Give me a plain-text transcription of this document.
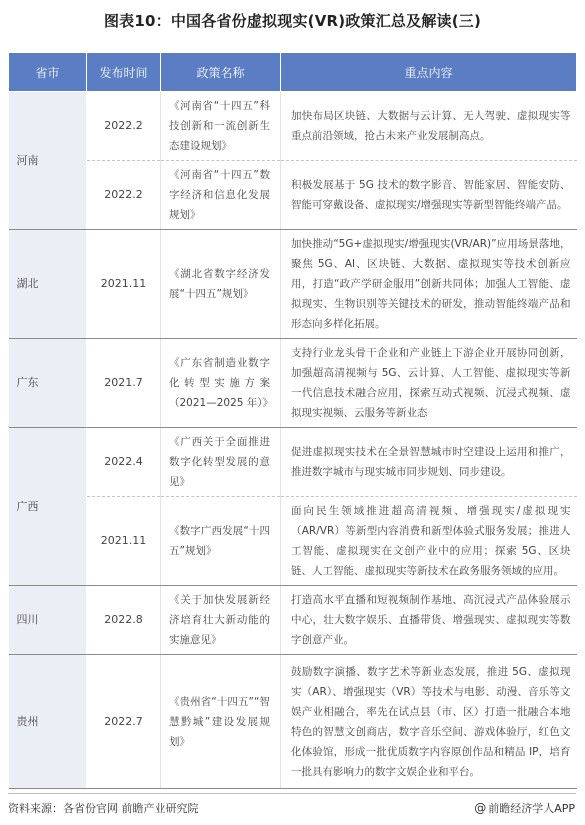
图表10：中国各省份虚拟现实(VR)政策汇总及解读(三)
省市	发布时间	政策名称	重点内容
河南	2022.2	《河南省“十四五”科技创新和一流创新生态建设规划》	加快布局区块链、大数据与云计算、无人驾驶、虚拟现实等重点前沿领域，抢占未来产业发展制高点。
	2022.2	《河南省“十四五”数字经济和信息化发展规划》	积极发展基于 5G 技术的数字影音、智能家居、智能安防、智能可穿戴设备、虚拟现实/增强现实等新型智能终端产品。
湖北	2021.11	《湖北省数字经济发展“十四五”规划》	加快推动“5G+虚拟现实/增强现实(VR/AR)”应用场景落地，聚焦 5G、AI、区块链、大数据、虚拟现实等技术创新应用，打造“政产学研金服用”创新共同体；加强人工智能、虚拟现实、生物识别等关键技术的研发，推动智能终端产品和形态向多样化拓展。
广东	2021.7	《广东省制造业数字化转型实施方案（2021—2025 年）》	支持行业龙头骨干企业和产业链上下游企业开展协同创新，加强超高清视频与 5G、云计算、人工智能、虚拟现实等新一代信息技术融合应用，探索互动式视频、沉浸式视频、虚拟现实视频、云服务等新业态
广西	2022.4	《广西关于全面推进数字化转型发展的意见》	促进虚拟现实技术在全景智慧城市时空建设上运用和推广，推进数字城市与现实城市同步规划、同步建设。
	2021.11	《数字广西发展“十四五”规划》	面向民生领域推进超高清视频、增强现实/虚拟现实（AR/VR）等新型内容消费和新型体验式服务发展；推进人工智能、虚拟现实在文创产业中的应用；探索 5G、区块链、人工智能、虚拟现实等新技术在政务服务领域的应用。
四川	2022.8	《关于加快发展新经济培育壮大新动能的实施意见》	打造高水平直播和短视频制作基地、高沉浸式产品体验展示中心，壮大数字娱乐、直播带货、增强现实、虚拟现实等数字创意产业。
贵州	2022.7	《贵州省“十四五”“智慧黔城”建设发展规划》	鼓励数字演播、数字艺术等新业态发展，推进 5G、虚拟现实（AR）、增强现实（VR）等技术与电影、动漫、音乐等文娱产业相融合，率先在试点县（市、区）打造一批融合本地特色的智慧文创商店，数字音乐空间、游戏体验厅，红色文化体验馆，形成一批优质数字内容原创作品和精品 IP，培育一批具有影响力的数字文娱企业和平台。
资料来源：各省份官网 前瞻产业研究院	@ 前瞻经济学人APP
